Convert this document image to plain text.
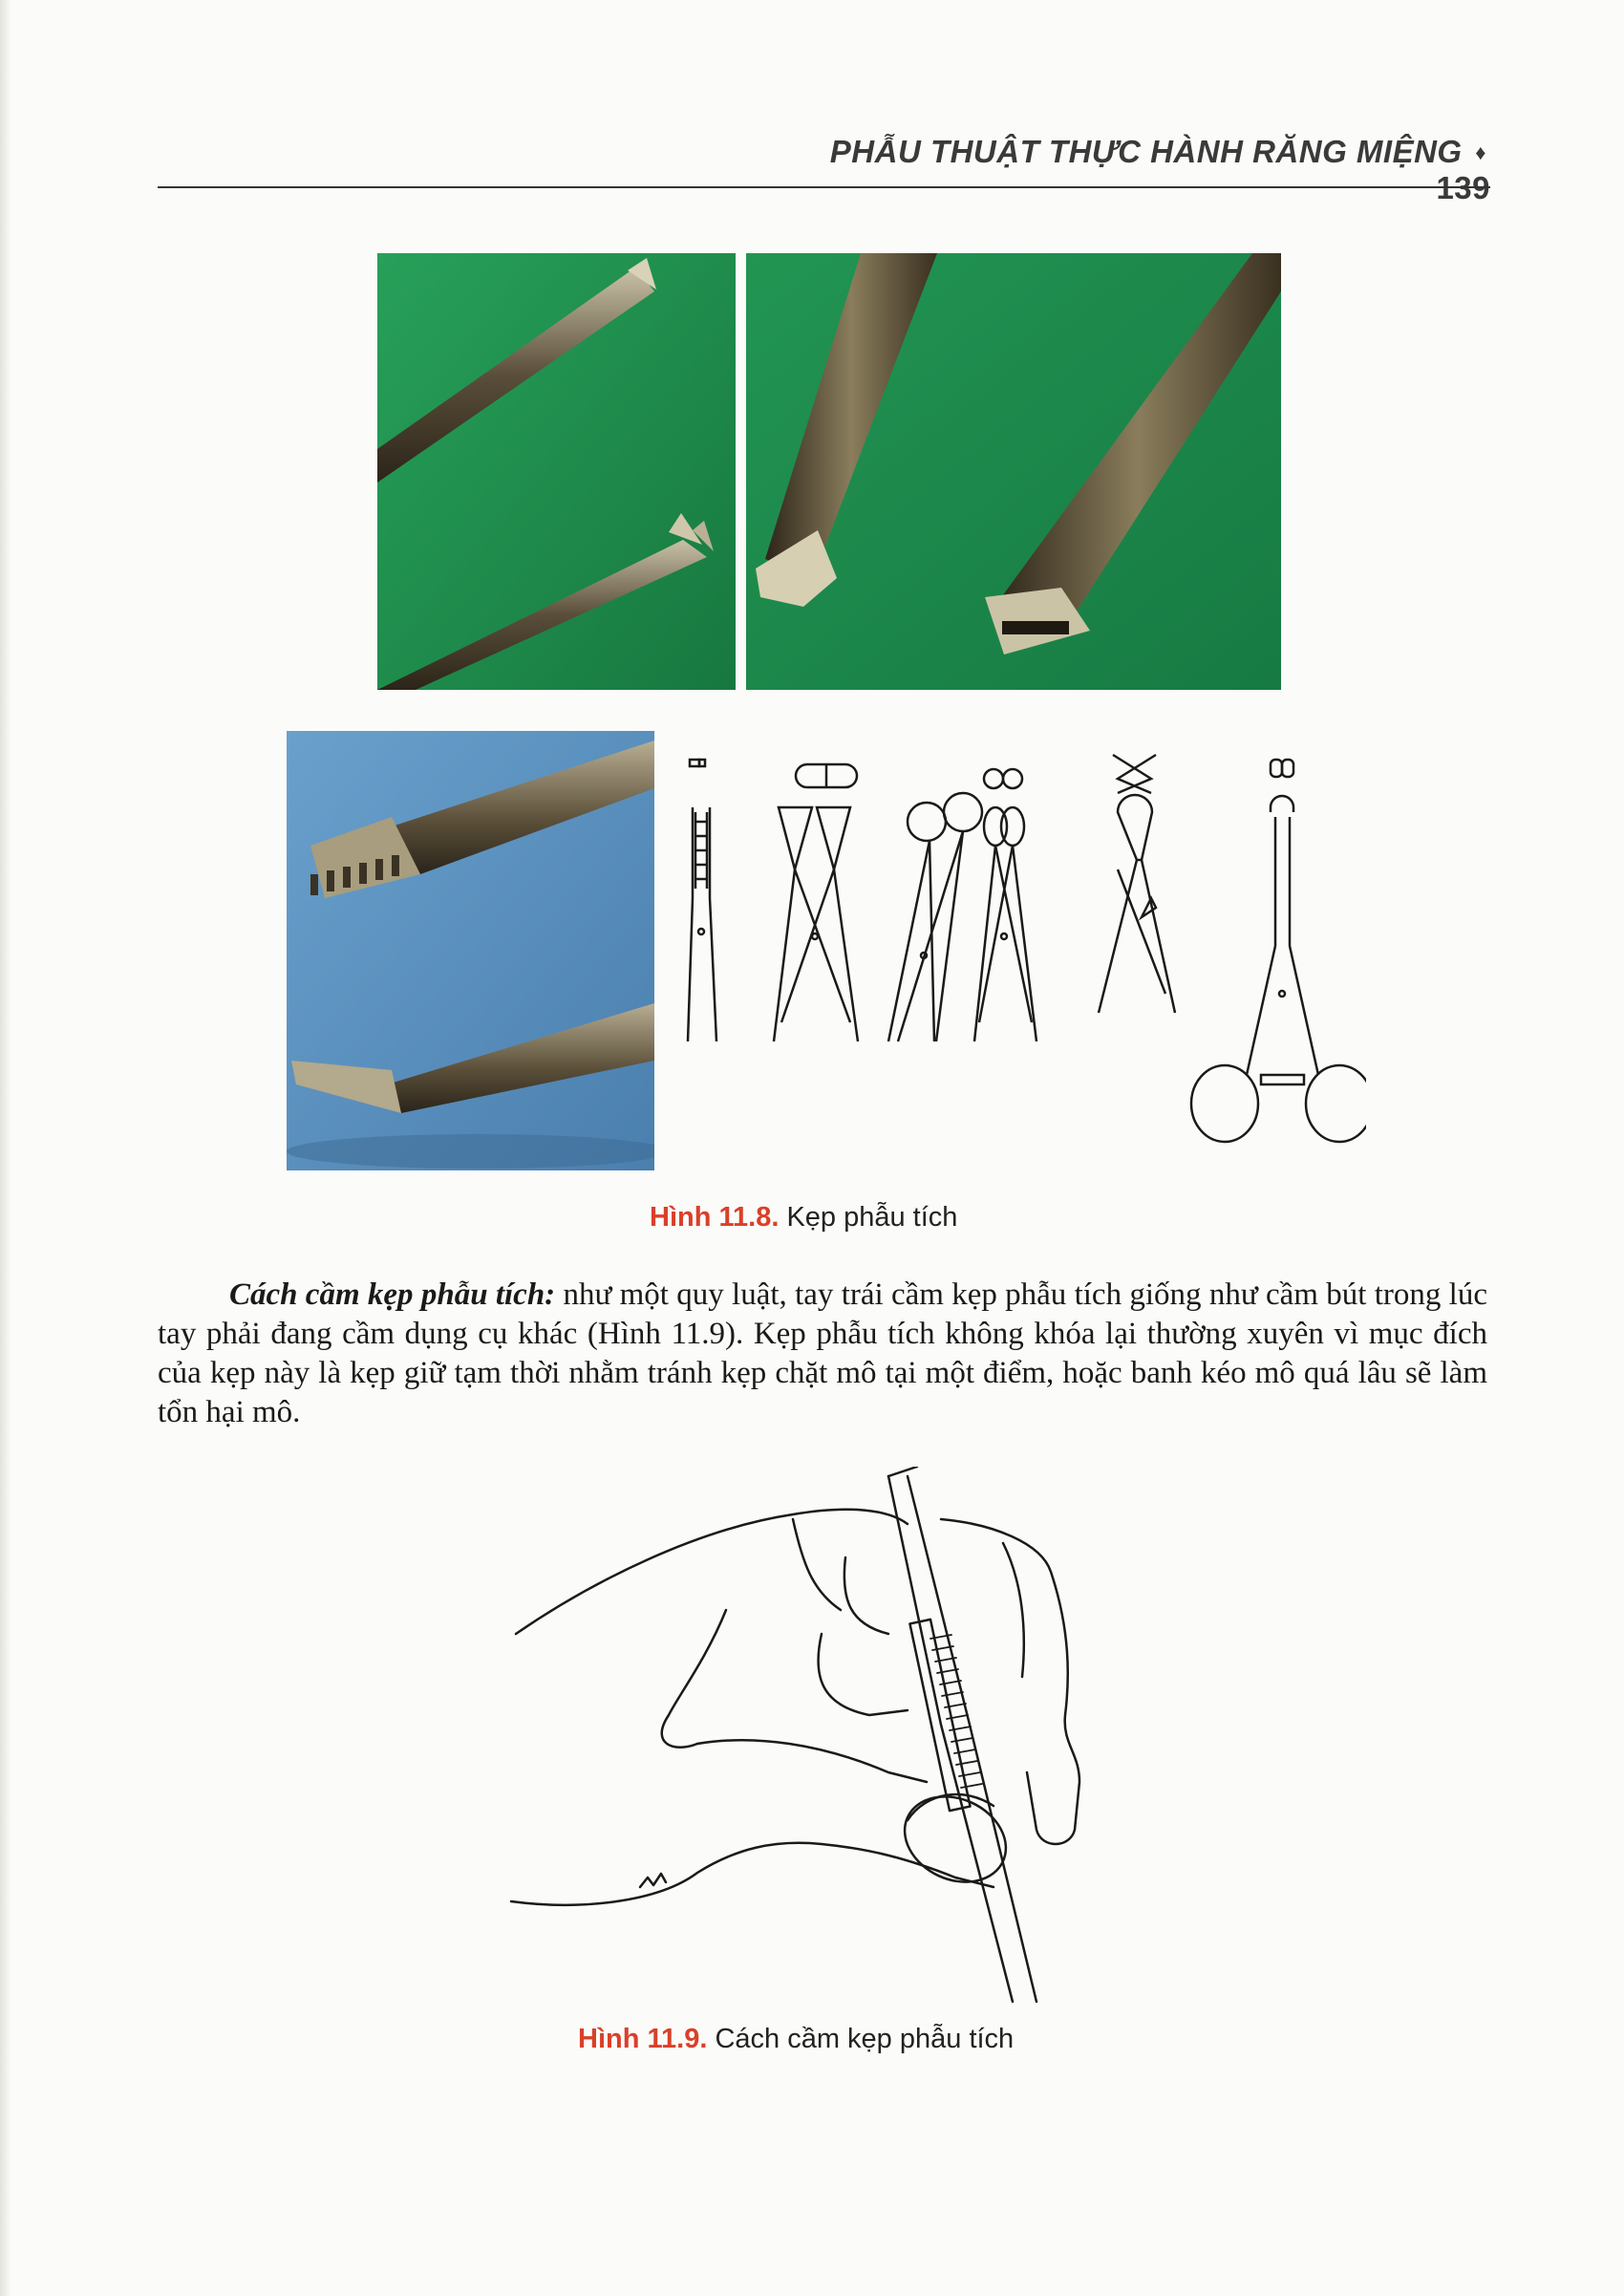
PHẪU THUẬT THỰC HÀNH RĂNG MIỆNG ♦ 139
Hình 11.8. Kẹp phẫu tích
Cách cầm kẹp phẫu tích: như một quy luật, tay trái cầm kẹp phẫu tích giống như cầm bút trong lúc tay phải đang cầm dụng cụ khác (Hình 11.9). Kẹp phẫu tích không khóa lại thường xuyên vì mục đích của kẹp này là kẹp giữ tạm thời nhằm tránh kẹp chặt mô tại một điểm, hoặc banh kéo mô quá lâu sẽ làm tổn hại mô.
Hình 11.9. Cách cầm kẹp phẫu tích
